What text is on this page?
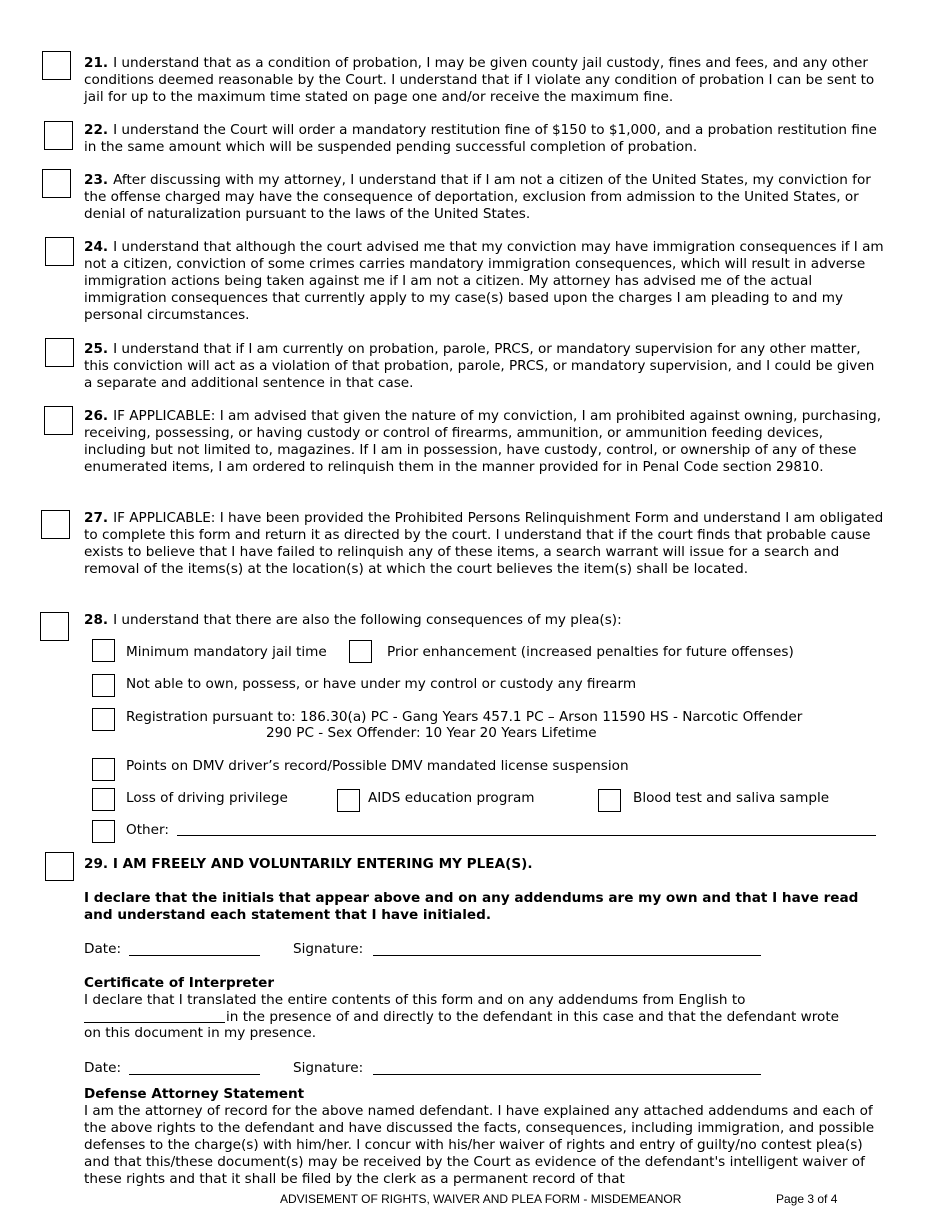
21. I understand that as a condition of probation, I may be given county jail custody, fines and fees, and any other conditions deemed reasonable by the Court. I understand that if I violate any condition of probation I can be sent to jail for up to the maximum time stated on page one and/or receive the maximum fine.
22. I understand the Court will order a mandatory restitution fine of $150 to $1,000, and a probation restitution fine in the same amount which will be suspended pending successful completion of probation.
23. After discussing with my attorney, I understand that if I am not a citizen of the United States, my conviction for the offense charged may have the consequence of deportation, exclusion from admission to the United States, or denial of naturalization pursuant to the laws of the United States.
24. I understand that although the court advised me that my conviction may have immigration consequences if I am not a citizen, conviction of some crimes carries mandatory immigration consequences, which will result in adverse immigration actions being taken against me if I am not a citizen. My attorney has advised me of the actual immigration consequences that currently apply to my case(s) based upon the charges I am pleading to and my personal circumstances.
25. I understand that if I am currently on probation, parole, PRCS, or mandatory supervision for any other matter, this conviction will act as a violation of that probation, parole, PRCS, or mandatory supervision, and I could be given a separate and additional sentence in that case.
26. IF APPLICABLE: I am advised that given the nature of my conviction, I am prohibited against owning, purchasing, receiving, possessing, or having custody or control of firearms, ammunition, or ammunition feeding devices, including but not limited to, magazines. If I am in possession, have custody, control, or ownership of any of these enumerated items, I am ordered to relinquish them in the manner provided for in Penal Code section 29810.
27. IF APPLICABLE: I have been provided the Prohibited Persons Relinquishment Form and understand I am obligated to complete this form and return it as directed by the court. I understand that if the court finds that probable cause exists to believe that I have failed to relinquish any of these items, a search warrant will issue for a search and removal of the items(s) at the location(s) at which the court believes the item(s) shall be located.
28. I understand that there are also the following consequences of my plea(s):
Minimum mandatory jail time	Prior enhancement (increased penalties for future offenses)
Not able to own, possess, or have under my control or custody any firearm
Registration pursuant to: 186.30(a) PC - Gang Years 457.1 PC – Arson 11590 HS - Narcotic Offender
290 PC - Sex Offender: 10 Year 20 Years Lifetime
Points on DMV driver’s record/Possible DMV mandated license suspension
Loss of driving privilege	AIDS education program	Blood test and saliva sample
Other:
29. I AM FREELY AND VOLUNTARILY ENTERING MY PLEA(S).
I declare that the initials that appear above and on any addendums are my own and that I have read and understand each statement that I have initialed.
Date:	Signature:
Certificate of Interpreter
I declare that I translated the entire contents of this form and on any addendums from English to
in the presence of and directly to the defendant in this case and that the defendant wrote
on this document in my presence.
Date:	Signature:
Defense Attorney Statement
I am the attorney of record for the above named defendant. I have explained any attached addendums and each of the above rights to the defendant and have discussed the facts, consequences, including immigration, and possible defenses to the charge(s) with him/her. I concur with his/her waiver of rights and entry of guilty/no contest plea(s) and that this/these document(s) may be received by the Court as evidence of the defendant's intelligent waiver of these rights and that it shall be filed by the clerk as a permanent record of that
ADVISEMENT OF RIGHTS, WAIVER AND PLEA FORM - MISDEMEANOR	Page 3 of 4
